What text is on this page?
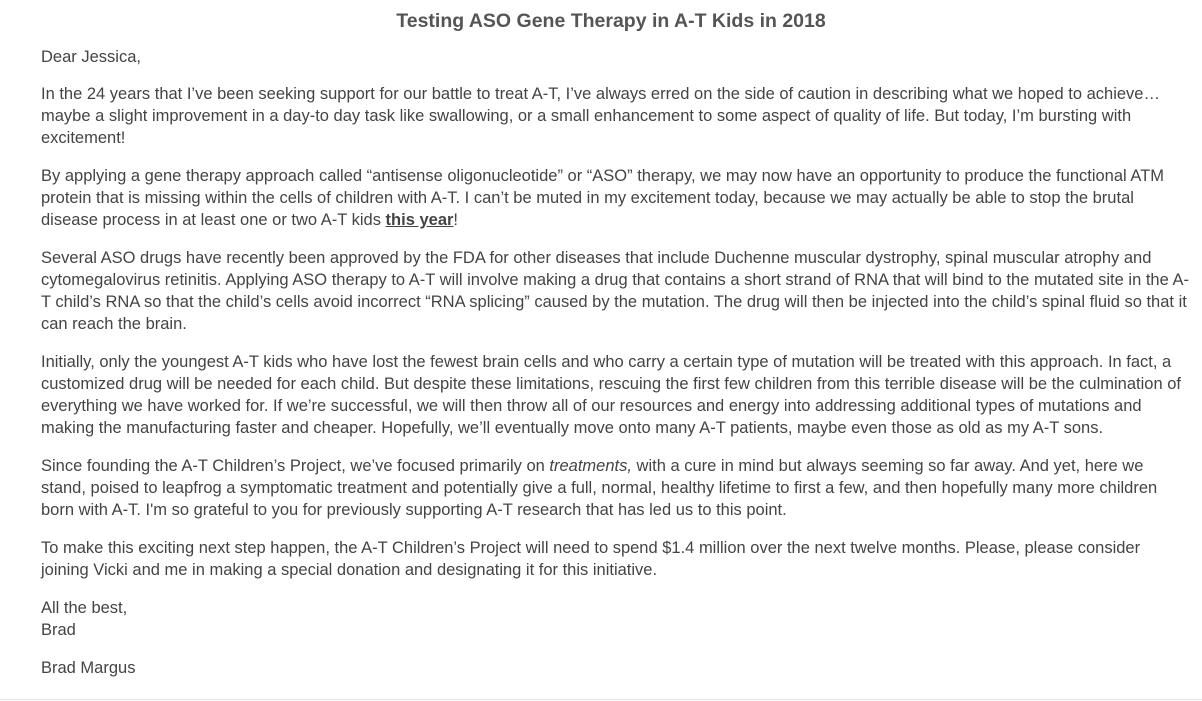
Testing ASO Gene Therapy in A-T Kids in 2018

Dear Jessica,

In the 24 years that I’ve been seeking support for our battle to treat A-T, I’ve always erred on the side of caution in describing what we hoped to achieve… maybe a slight improvement in a day-to day task like swallowing, or a small enhancement to some aspect of quality of life. But today, I’m bursting with excitement!

By applying a gene therapy approach called “antisense oligonucleotide” or “ASO” therapy, we may now have an opportunity to produce the functional ATM protein that is missing within the cells of children with A-T. I can’t be muted in my excitement today, because we may actually be able to stop the brutal disease process in at least one or two A-T kids this year!

Several ASO drugs have recently been approved by the FDA for other diseases that include Duchenne muscular dystrophy, spinal muscular atrophy and cytomegalovirus retinitis. Applying ASO therapy to A-T will involve making a drug that contains a short strand of RNA that will bind to the mutated site in the A-T child’s RNA so that the child’s cells avoid incorrect “RNA splicing” caused by the mutation. The drug will then be injected into the child’s spinal fluid so that it can reach the brain.

Initially, only the youngest A-T kids who have lost the fewest brain cells and who carry a certain type of mutation will be treated with this approach. In fact, a customized drug will be needed for each child. But despite these limitations, rescuing the first few children from this terrible disease will be the culmination of everything we have worked for. If we’re successful, we will then throw all of our resources and energy into addressing additional types of mutations and making the manufacturing faster and cheaper. Hopefully, we’ll eventually move onto many A-T patients, maybe even those as old as my A-T sons.

Since founding the A-T Children’s Project, we’ve focused primarily on treatments, with a cure in mind but always seeming so far away. And yet, here we stand, poised to leapfrog a symptomatic treatment and potentially give a full, normal, healthy lifetime to first a few, and then hopefully many more children born with A-T. I'm so grateful to you for previously supporting A-T research that has led us to this point.

To make this exciting next step happen, the A-T Children’s Project will need to spend $1.4 million over the next twelve months. Please, please consider joining Vicki and me in making a special donation and designating it for this initiative.

All the best,
Brad

Brad Margus
